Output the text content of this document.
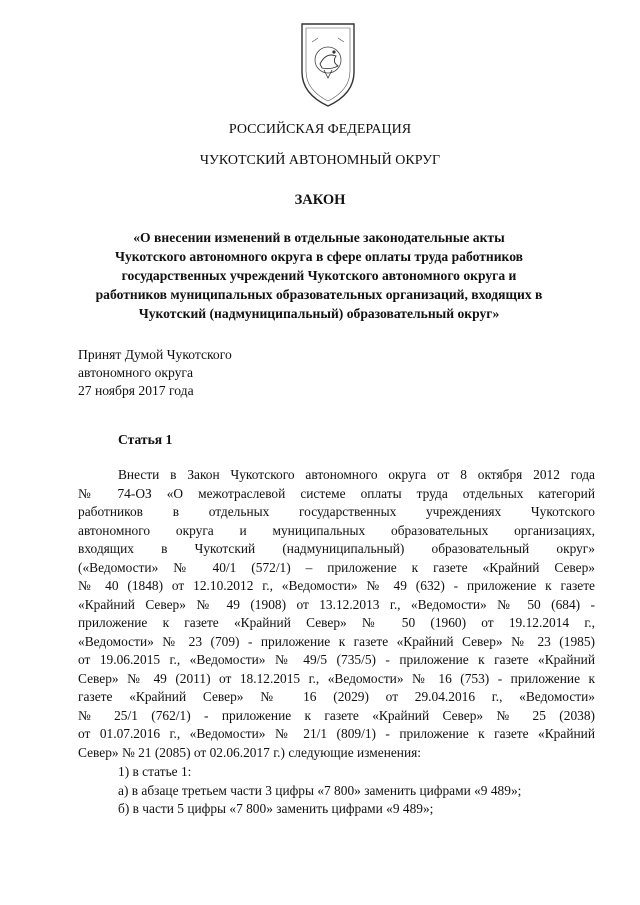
РОССИЙСКАЯ ФЕДЕРАЦИЯ
ЧУКОТСКИЙ АВТОНОМНЫЙ ОКРУГ
ЗАКОН
«О внесении изменений в отдельные законодательные акты
Чукотского автономного округа в сфере оплаты труда работников
государственных учреждений Чукотского автономного округа и
работников муниципальных образовательных организаций, входящих в
Чукотский (надмуниципальный) образовательный округ»
Принят Думой Чукотского
автономного округа
27 ноября 2017 года
Статья 1
Внести в Закон Чукотского автономного округа от 8 октября 2012 года
№ 74-ОЗ «О межотраслевой системе оплаты труда отдельных категорий
работников в отдельных государственных учреждениях Чукотского
автономного округа и муниципальных образовательных организациях,
входящих в Чукотский (надмуниципальный) образовательный округ»
(«Ведомости» № 40/1 (572/1) – приложение к газете «Крайний Север»
№ 40 (1848) от 12.10.2012 г., «Ведомости» № 49 (632) - приложение к газете
«Крайний Север» № 49 (1908) от 13.12.2013 г., «Ведомости» № 50 (684) -
приложение к газете «Крайний Север» № 50 (1960) от 19.12.2014 г.,
«Ведомости» № 23 (709) - приложение к газете «Крайний Север» № 23 (1985)
от 19.06.2015 г., «Ведомости» № 49/5 (735/5) - приложение к газете «Крайний
Север» № 49 (2011) от 18.12.2015 г., «Ведомости» № 16 (753) - приложение к
газете «Крайний Север» № 16 (2029) от 29.04.2016 г., «Ведомости»
№ 25/1 (762/1) - приложение к газете «Крайний Север» № 25 (2038)
от 01.07.2016 г., «Ведомости» № 21/1 (809/1) - приложение к газете «Крайний
Север» № 21 (2085) от 02.06.2017 г.) следующие изменения:
1) в статье 1:
а) в абзаце третьем части 3 цифры «7 800» заменить цифрами «9 489»;
б) в части 5 цифры «7 800» заменить цифрами «9 489»;
